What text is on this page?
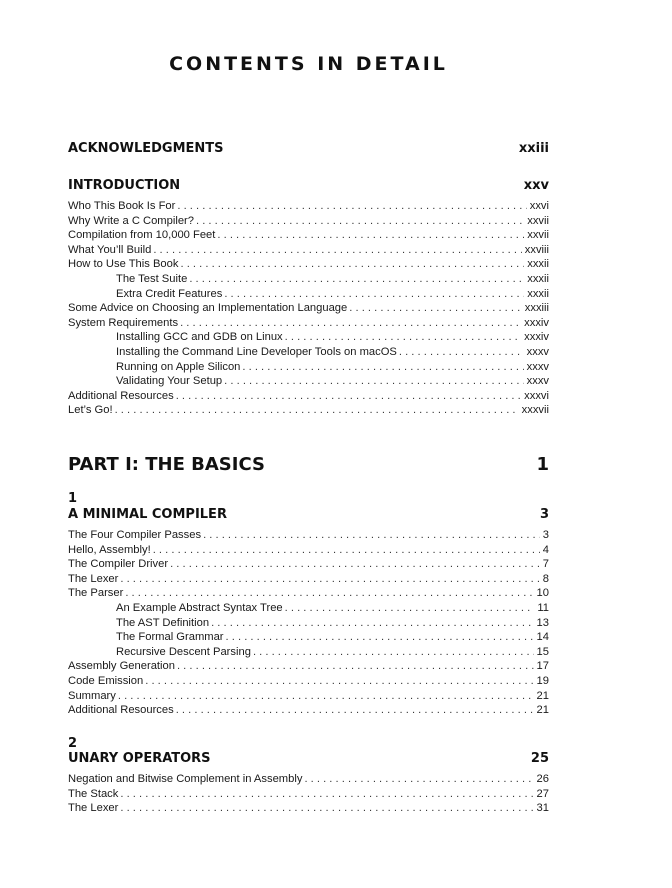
CONTENTS IN DETAIL
ACKNOWLEDGMENTS	xxiii
INTRODUCTION	xxv
Who This Book Is For . . .	xxvi
Why Write a C Compiler? . . .	xxvii
Compilation from 10,000 Feet . . .	xxvii
What You’ll Build . . .	xxviii
How to Use This Book . . .	xxxii
The Test Suite . . .	xxxii
Extra Credit Features . . .	xxxii
Some Advice on Choosing an Implementation Language . . .	xxxiii
System Requirements . . .	xxxiv
Installing GCC and GDB on Linux . . .	xxxiv
Installing the Command Line Developer Tools on macOS . . .	xxxv
Running on Apple Silicon . . .	xxxv
Validating Your Setup . . .	xxxv
Additional Resources . . .	xxxvi
Let’s Go! . . .	xxxvii
PART I: THE BASICS	1
1
A MINIMAL COMPILER	3
The Four Compiler Passes . . .	3
Hello, Assembly! . . .	4
The Compiler Driver . . .	7
The Lexer . . .	8
The Parser . . .	10
An Example Abstract Syntax Tree . . .	11
The AST Definition . . .	13
The Formal Grammar . . .	14
Recursive Descent Parsing . . .	15
Assembly Generation . . .	17
Code Emission . . .	19
Summary . . .	21
Additional Resources . . .	21
2
UNARY OPERATORS	25
Negation and Bitwise Complement in Assembly . . .	26
The Stack . . .	27
The Lexer . . .	31
